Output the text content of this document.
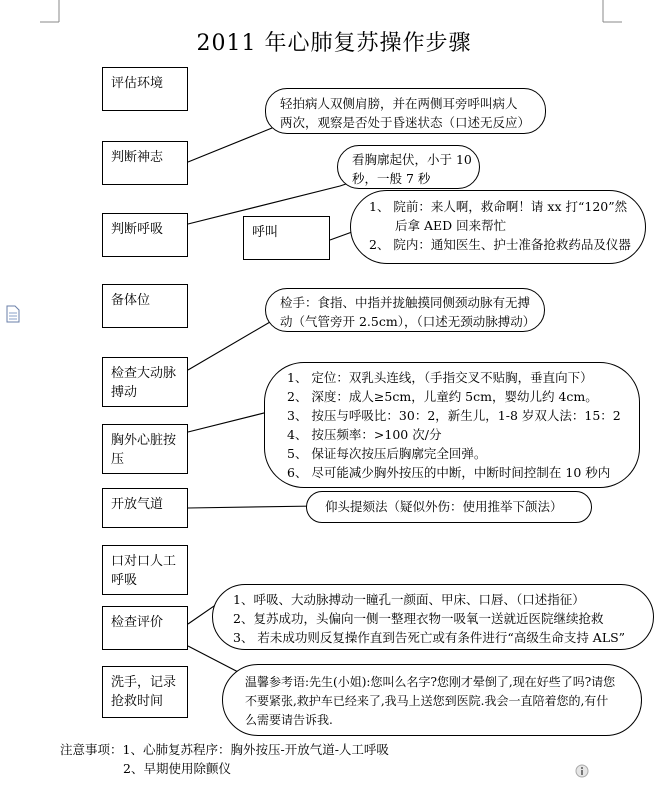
2011 年心肺复苏操作步骤
评估环境
判断神志
判断呼吸	呼叫
备体位
检查大动脉
搏动
胸外心脏按
压
开放气道
口对口人工
呼吸
检查评价
洗手，记录
抢救时间
轻拍病人双侧肩膀，并在两侧耳旁呼叫病人
两次，观察是否处于昏迷状态（口述无反应）
看胸廓起伏，小于 10
秒，一般 7 秒
1、 院前：来人啊，救命啊！请 xx 打“120”然
后拿 AED 回来帮忙
2、 院内：通知医生、护士准备抢救药品及仪器
检手：食指、中指并拢触摸同侧颈动脉有无搏
动（气管旁开 2.5cm），（口述无颈动脉搏动）
1、 定位：双乳头连线，（手指交叉不贴胸，垂直向下）
2、 深度：成人≥5cm，儿童约 5cm，婴幼儿约 4cm。
3、 按压与呼吸比：30：2，新生儿，1-8 岁双人法：15：2
4、 按压频率：>100 次/分
5、 保证每次按压后胸廓完全回弹。
6、 尽可能减少胸外按压的中断，中断时间控制在 10 秒内
仰头提颏法（疑似外伤：使用推举下颌法）
1、呼吸、大动脉搏动一瞳孔一颜面、甲床、口唇、（口述指征）
2、复苏成功，头偏向一侧一整理衣物一吸氧一送就近医院继续抢救
3、 若未成功则反复操作直到告死亡或有条件进行“高级生命支持 ALS”
温馨参考语:先生(小姐):您叫么名字?您刚才晕倒了,现在好些了吗?请您
不要紧张,救护车已经来了,我马上送您到医院.我会一直陪着您的,有什
么需要请告诉我.
注意事项：1、心肺复苏程序：胸外按压-开放气道-人工呼吸
2、早期使用除颤仪
